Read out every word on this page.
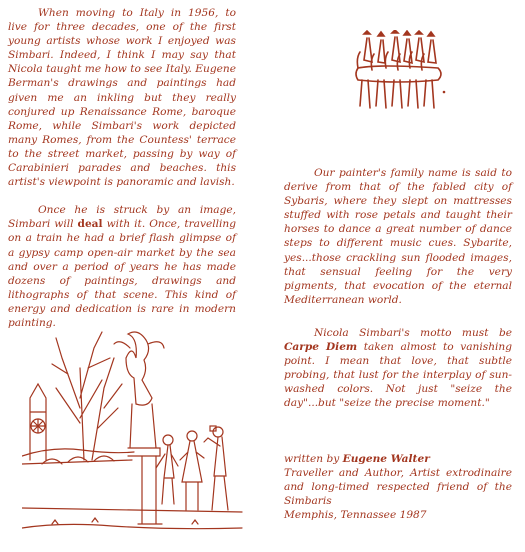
When moving to Italy in 1956, to live for three decades, one of the first young artists whose work I enjoyed was Simbari. Indeed, I think I may say that Nicola taught me how to see Italy. Eugene Berman's drawings and paintings had given me an inkling but they really conjured up Renaissance Rome, baroque Rome, while Simbari's work depicted many Romes, from the Countess' terrace to the street market, passing by way of Carabinieri parades and beaches. this artist's viewpoint is panoramic and lavish.

Once he is struck by an image, Simbari will deal with it. Once, travelling on a train he had a brief flash glimpse of a gypsy camp open-air market by the sea and over a period of years he has made dozens of paintings, drawings and lithographs of that scene. This kind of energy and dedication is rare in modern painting.

Our painter's family name is said to derive from that of the fabled city of Sybaris, where they slept on mattresses stuffed with rose petals and taught their horses to dance a great number of dance steps to different music cues. Sybarite, yes...those crackling sun flooded images, that sensual feeling for the very pigments, that evocation of the eternal Mediterranean world.

Nicola Simbari's motto must be Carpe Diem taken almost to vanishing point. I mean that love, that subtle probing, that lust for the interplay of sun-washed colors. Not just "seize the day"...but "seize the precise moment."

written by Eugene Walter

Traveller and Author, Artist extrodinaire and long-timed respected friend of the Simbaris

Memphis, Tennassee 1987
